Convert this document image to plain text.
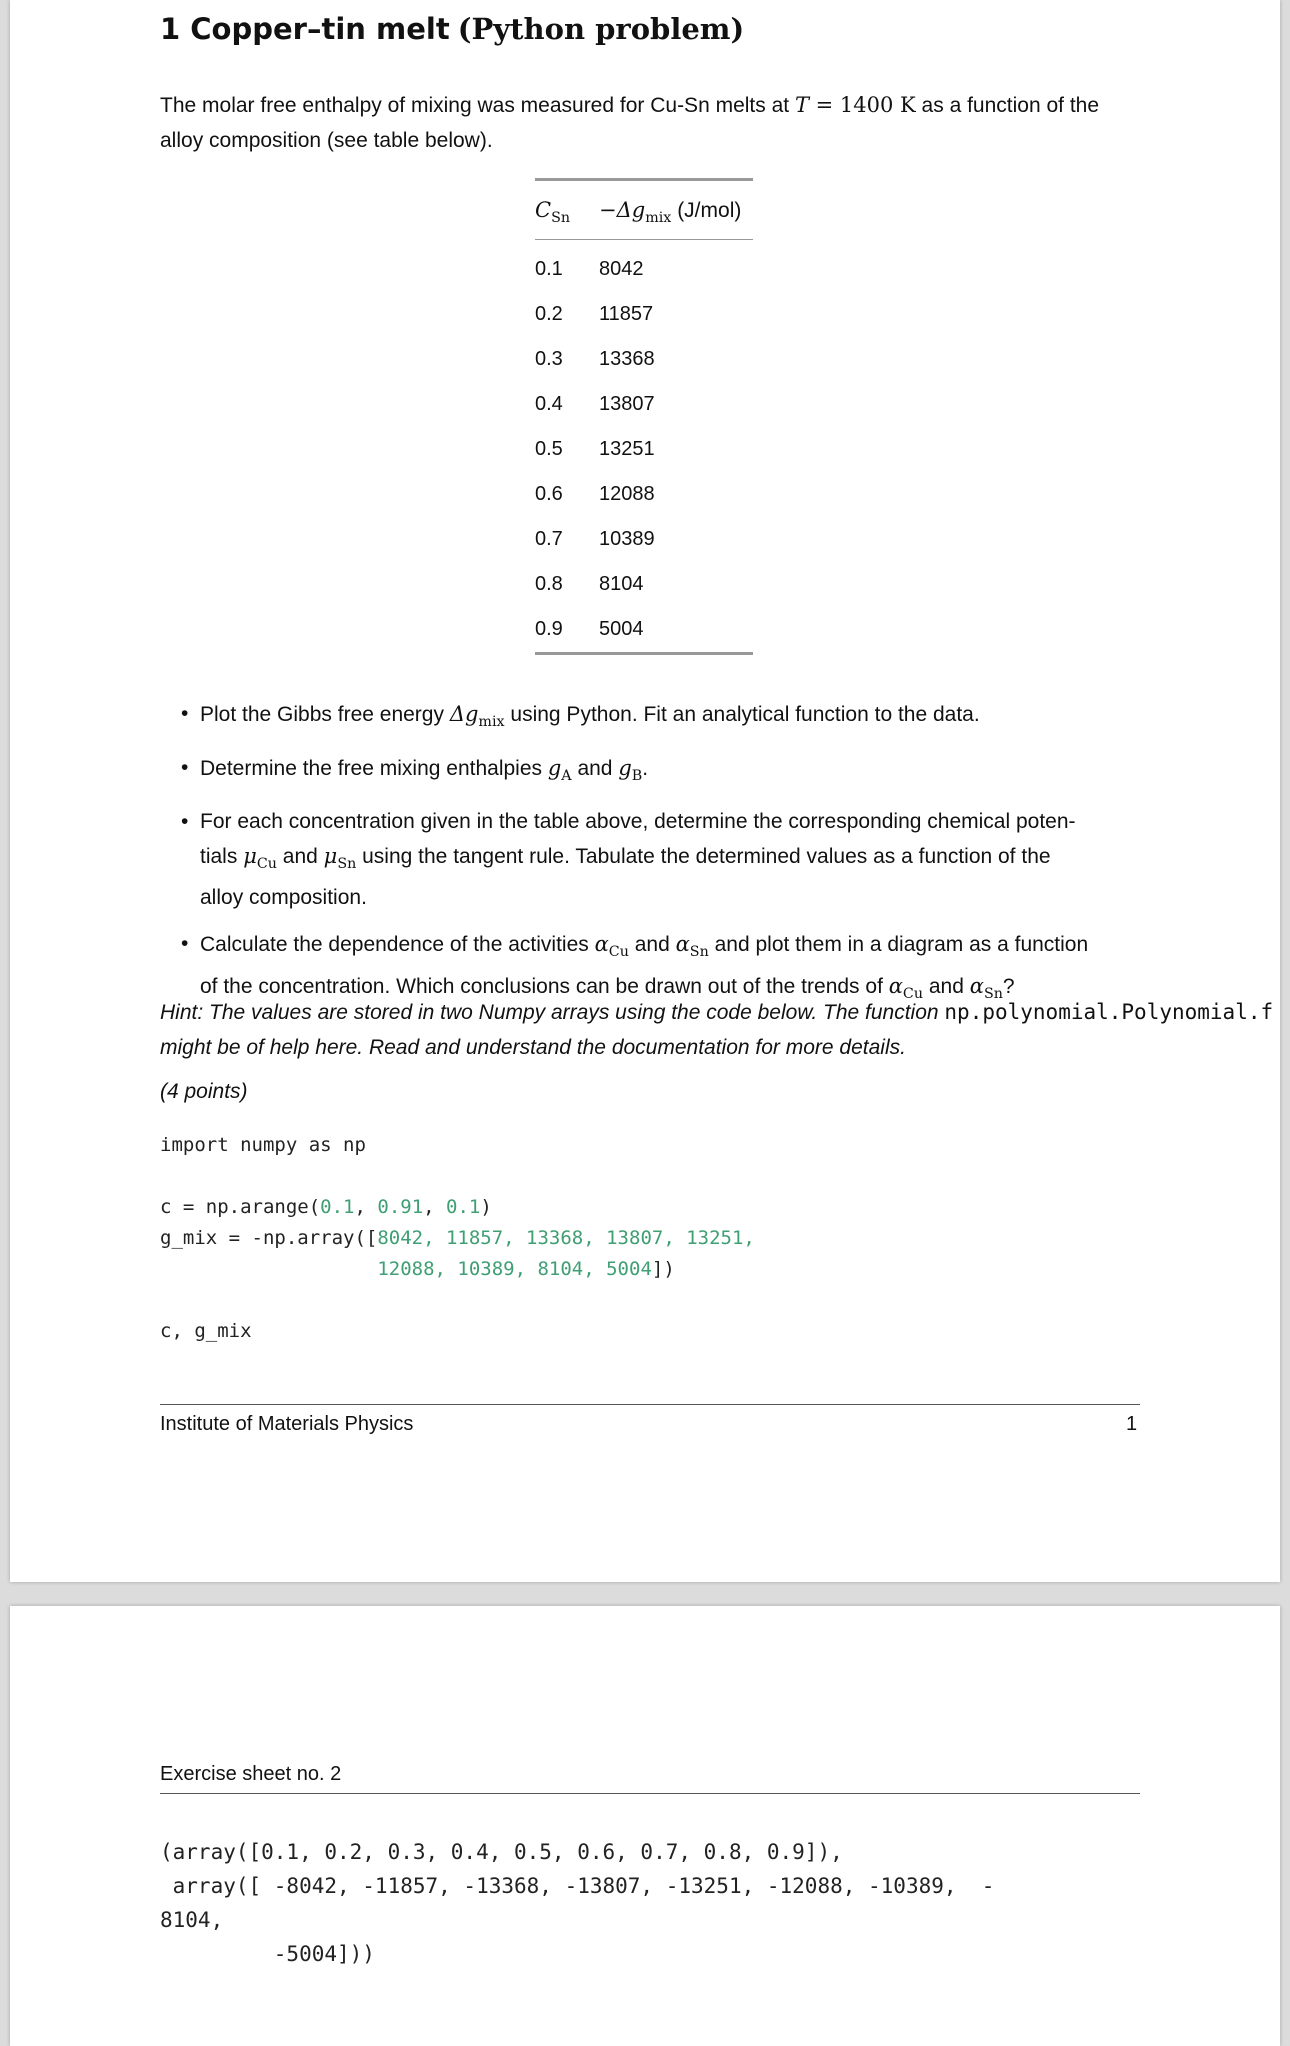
1 Copper–tin melt (Python problem)
The molar free enthalpy of mixing was measured for Cu-Sn melts at T = 1400 K as a function of the
alloy composition (see table below).
$C_{Sn} -\Delta g_{mix}$ (J/mol)
0.1 8042
0.2 11857
0.3 13368
0.4 13807
0.5 13251
0.6 12088
0.7 10389
0.8 8104
0.9 5004
• Plot the Gibbs free energy $\Delta g_{mix}$ using Python. Fit an analytical function to the data.
• Determine the free mixing enthalpies $g_A$ and $g_B$.
• For each concentration given in the table above, determine the corresponding chemical poten-
tials $\mu_{Cu}$ and $\mu_{Sn}$ using the tangent rule. Tabulate the determined values as a function of the
alloy composition.
• Calculate the dependence of the activities $\alpha_{Cu}$ and $\alpha_{Sn}$ and plot them in a diagram as a function
of the concentration. Which conclusions can be drawn out of the trends of $\alpha_{Cu}$ and $\alpha_{Sn}$?
Hint: The values are stored in two Numpy arrays using the code below. The function np.polynomial.Polynomial.f
might be of help here. Read and understand the documentation for more details.
(4 points)
import numpy as np

c = np.arange(0.1, 0.91, 0.1)
g_mix = -np.array([8042, 11857, 13368, 13807, 13251,
12088, 10389, 8104, 5004])

c, g_mix
Institute of Materials Physics	1
Exercise sheet no. 2
(array([0.1, 0.2, 0.3, 0.4, 0.5, 0.6, 0.7, 0.8, 0.9]),
array([ -8042, -11857, -13368, -13807, -13251, -12088, -10389,  -
8104,
-5004]))
